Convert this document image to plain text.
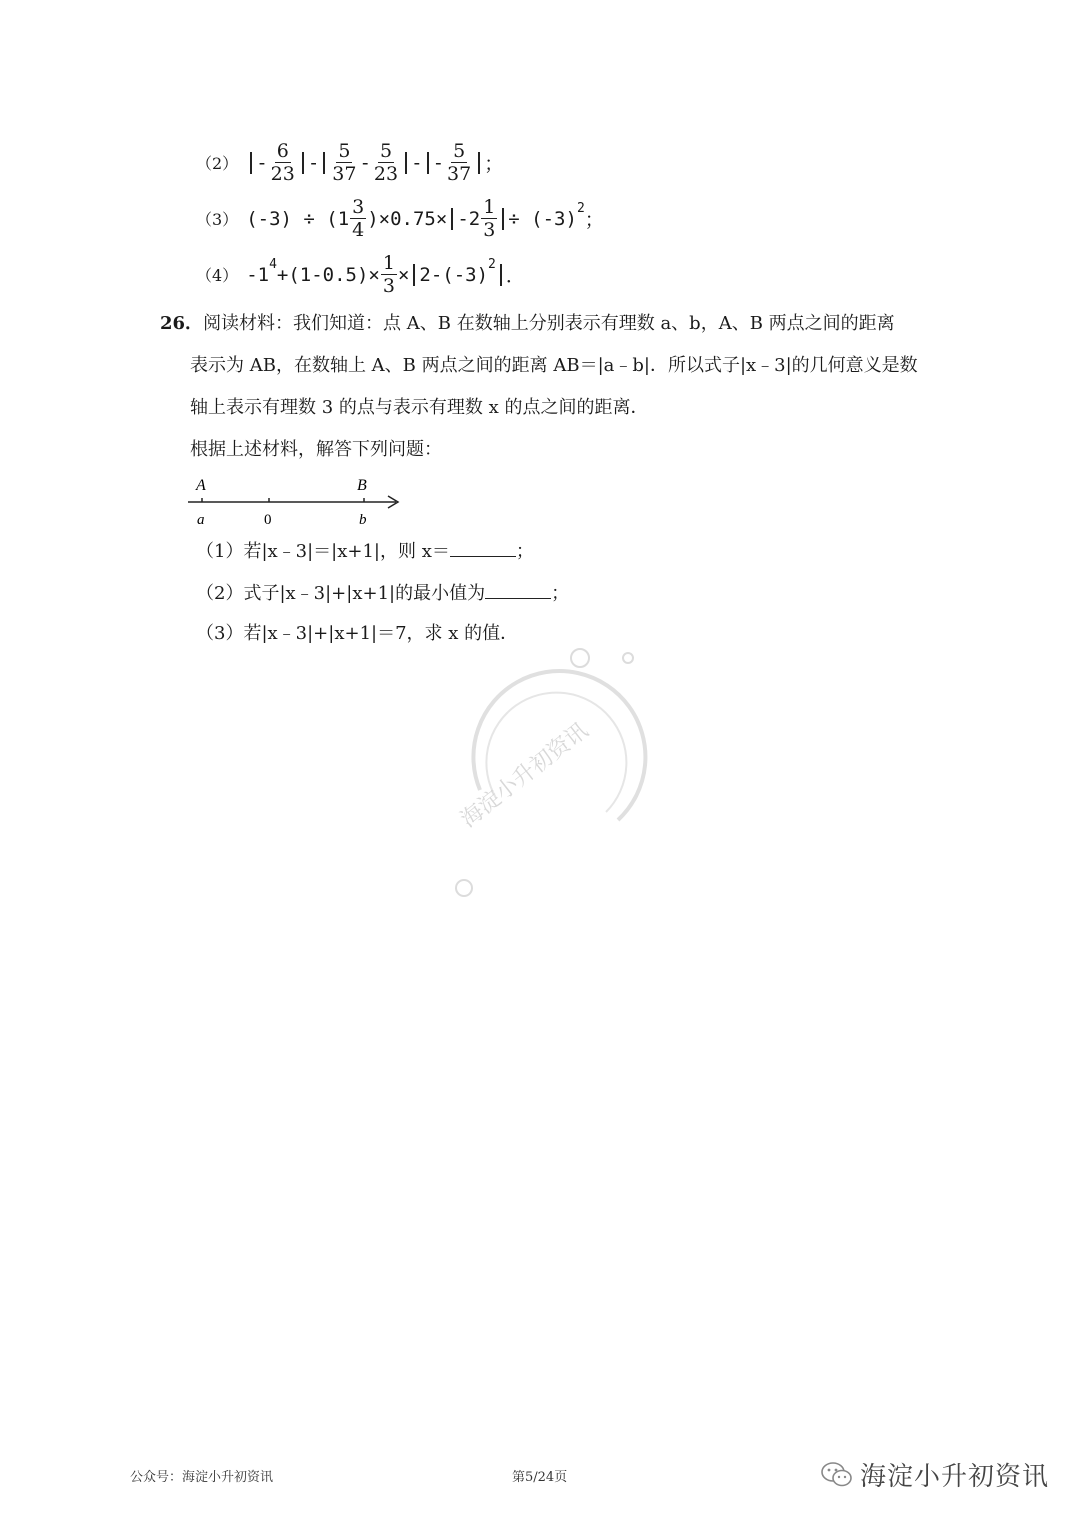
$(2) - \frac{6}{23} - \frac{5}{37} - \frac{5}{23}$ - - $\frac{5}{37}$ ；
（3） $(-3) \div (1 \frac{3}{4} )\times 0.75\times -2 \frac{1}{3} \div (-3)^2$
；
（4） $-1^4 +(1-0.5)\times \frac{1}{3} \times 2-(-3)^2$
．
26．阅读材料：我们知道：点 A、B 在数轴上分别表示有理数 a、b，A、B 两点之间的距离
表示为 AB，在数轴上 A、B 两点之间的距离 AB＝|a﹣b|．所以式子|x﹣3|的几何意义是数
轴上表示有理数 3 的点与表示有理数 x 的点之间的距离．
根据上述材料，解答下列问题：
A	B
a	0	b
（1）若|x﹣3|＝|x+1|，则 x＝	；
（2）式子|x﹣3|+|x+1|的最小值为	；
（3）若|x﹣3|+|x+1|＝7，求 x 的值．
海淀小升初资讯
公众号：海淀小升初资讯	第5/24页	海淀小升初资讯
